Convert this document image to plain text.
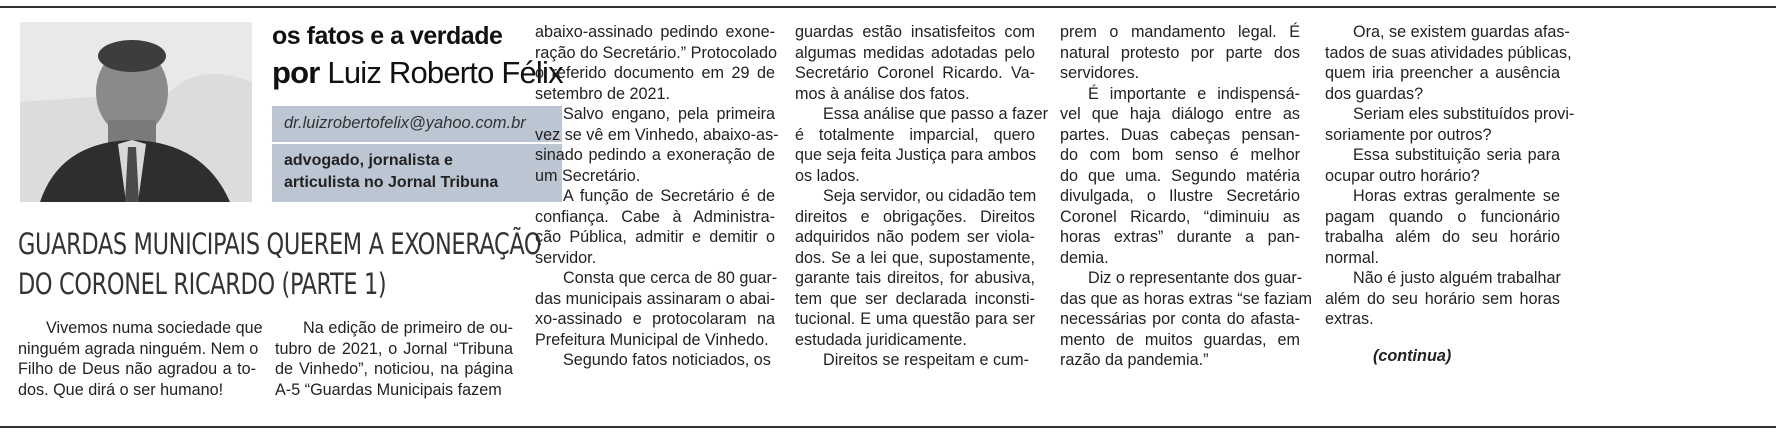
os fatos e a verdade
por Luiz Roberto Félix
dr.luizrobertofelix@yahoo.com.br
advogado, jornalista e
articulista no Jornal Tribuna
GUARDAS MUNICIPAIS QUEREM A EXONERAÇÃO
DO CORONEL RICARDO (PARTE 1)

Vivemos numa sociedade que
ninguém agrada ninguém. Nem o
Filho de Deus não agradou a to-
dos. Que dirá o ser humano!

Na edição de primeiro de ou-
tubro de 2021, o Jornal “Tribuna
de Vinhedo”, noticiou, na página
A-5 “Guardas Municipais fazem

abaixo-assinado pedindo exone-
ração do Secretário.” Protocolado
o referido documento em 29 de
setembro de 2021.

Salvo engano, pela primeira
vez se vê em Vinhedo, abaixo-as-
sinado pedindo a exoneração de
um Secretário.

A função de Secretário é de
confiança. Cabe à Administra-
ção Pública, admitir e demitir o
servidor.

Consta que cerca de 80 guar-
das municipais assinaram o abai-
xo-assinado e protocolaram na
Prefeitura Municipal de Vinhedo.

Segundo fatos noticiados, os

guardas estão insatisfeitos com
algumas medidas adotadas pelo
Secretário Coronel Ricardo. Va-
mos à análise dos fatos.

Essa análise que passo a fazer
é totalmente imparcial, quero
que seja feita Justiça para ambos
os lados.

Seja servidor, ou cidadão tem
direitos e obrigações. Direitos
adquiridos não podem ser viola-
dos. Se a lei que, supostamente,
garante tais direitos, for abusiva,
tem que ser declarada inconsti-
tucional. E uma questão para ser
estudada juridicamente.

Direitos se respeitam e cum-

prem o mandamento legal. É
natural protesto por parte dos
servidores.

É importante e indispensá-
vel que haja diálogo entre as
partes. Duas cabeças pensan-
do com bom senso é melhor
do que uma. Segundo matéria
divulgada, o Ilustre Secretário
Coronel Ricardo, “diminuiu as
horas extras” durante a pan-
demia.

Diz o representante dos guar-
das que as horas extras “se faziam
necessárias por conta do afasta-
mento de muitos guardas, em
razão da pandemia.”

Ora, se existem guardas afas-
tados de suas atividades públicas,
quem iria preencher a ausência
dos guardas?

Seriam eles substituídos provi-
soriamente por outros?

Essa substituição seria para
ocupar outro horário?

Horas extras geralmente se
pagam quando o funcionário
trabalha além do seu horário
normal.

Não é justo alguém trabalhar
além do seu horário sem horas
extras.

(continua)
